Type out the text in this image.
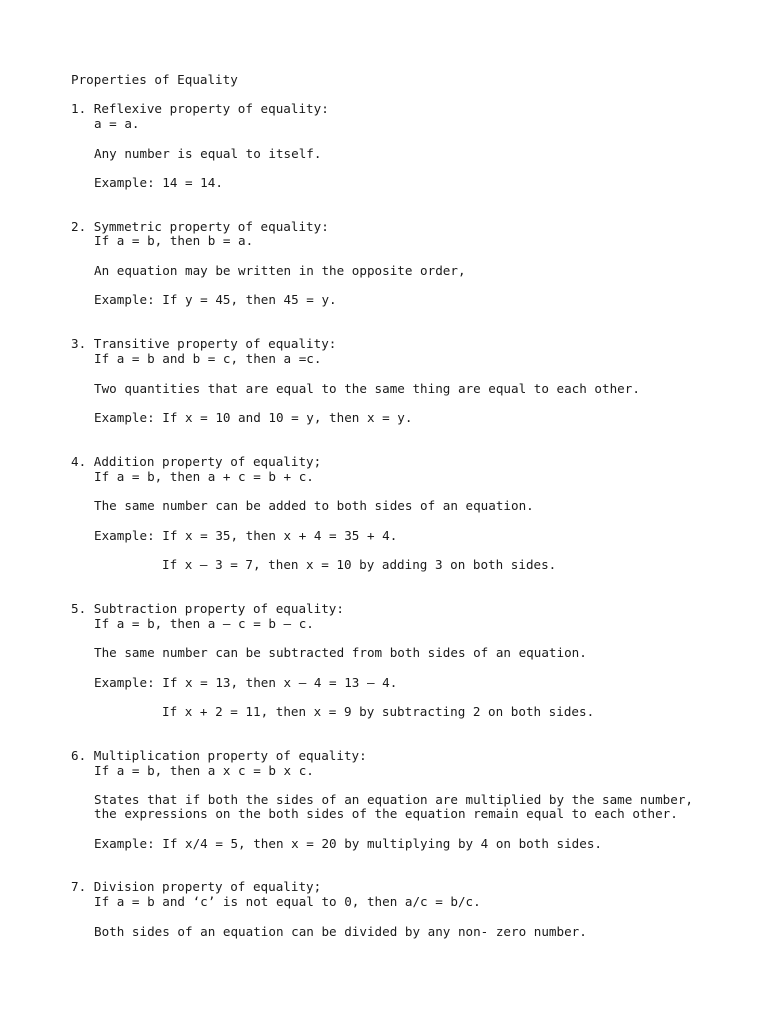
Properties of Equality

1. Reflexive property of equality:

a = a.

Any number is equal to itself.

Example: 14 = 14.

2. Symmetric property of equality:

If a = b, then b = a.

An equation may be written in the opposite order,

Example: If y = 45, then 45 = y.

3. Transitive property of equality:

If a = b and b = c, then a =c.

Two quantities that are equal to the same thing are equal to each other.

Example: If x = 10 and 10 = y, then x = y.

4. Addition property of equality;

If a = b, then a + c = b + c.

The same number can be added to both sides of an equation.

Example: If x = 35, then x + 4 = 35 + 4.

If x – 3 = 7, then x = 10 by adding 3 on both sides.

5. Subtraction property of equality:

If a = b, then a – c = b – c.

The same number can be subtracted from both sides of an equation.

Example: If x = 13, then x – 4 = 13 – 4.

If x + 2 = 11, then x = 9 by subtracting 2 on both sides.

6. Multiplication property of equality:

If a = b, then a x c = b x c.

States that if both the sides of an equation are multiplied by the same number,

the expressions on the both sides of the equation remain equal to each other.

Example: If x/4 = 5, then x = 20 by multiplying by 4 on both sides.

7. Division property of equality;

If a = b and ‘c’ is not equal to 0, then a/c = b/c.

Both sides of an equation can be divided by any non- zero number.
